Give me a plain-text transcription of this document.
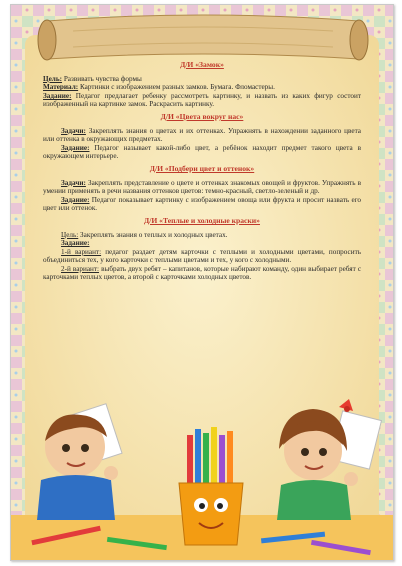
Д/И «Замок»

Цель: Развивать чувства формы

Материал: Картинки с изображением разных замков. Бумага. Фломастеры.

Задание: Педагог предлагает ребенку рассмотреть картинку, и назвать из каких фигур состоит изображенный на картинке замок. Раскрасить картинку.

Д/И «Цвета вокруг нас»

Задачи: Закреплять знания о цветах и их оттенках. Упражнять в нахождении заданного цвета или оттенка в окружающих предметах.

Задание: Педагог называет какой-либо цвет, а ребёнок находит предмет такого цвета в окружающем интерьере.

Д/И «Подбери цвет и оттенок»

Задачи: Закреплять представление о цвете и оттенках знакомых овощей и фруктов. Упражнять в умении применять в речи названия оттенков цветов: темно-красный, светло-зеленый и др.

Задание: Педагог показывает картинку с изображением овоща или фрукта и просит назвать его цвет или оттенок.

Д/И «Теплые и холодные краски»

Цель: Закреплять знания о теплых и холодных цветах.

Задание:

1-й вариант: педагог раздает детям карточки с теплыми и холодными цветами, попросить объединиться тех, у кого карточки с теплыми цветами и тех, у кого с холодными.

2-й вариант: выбрать двух ребят – капитанов, которые набирают команду, один выбирает ребят с карточками теплых цветов, а второй с карточками холодных цветов.
